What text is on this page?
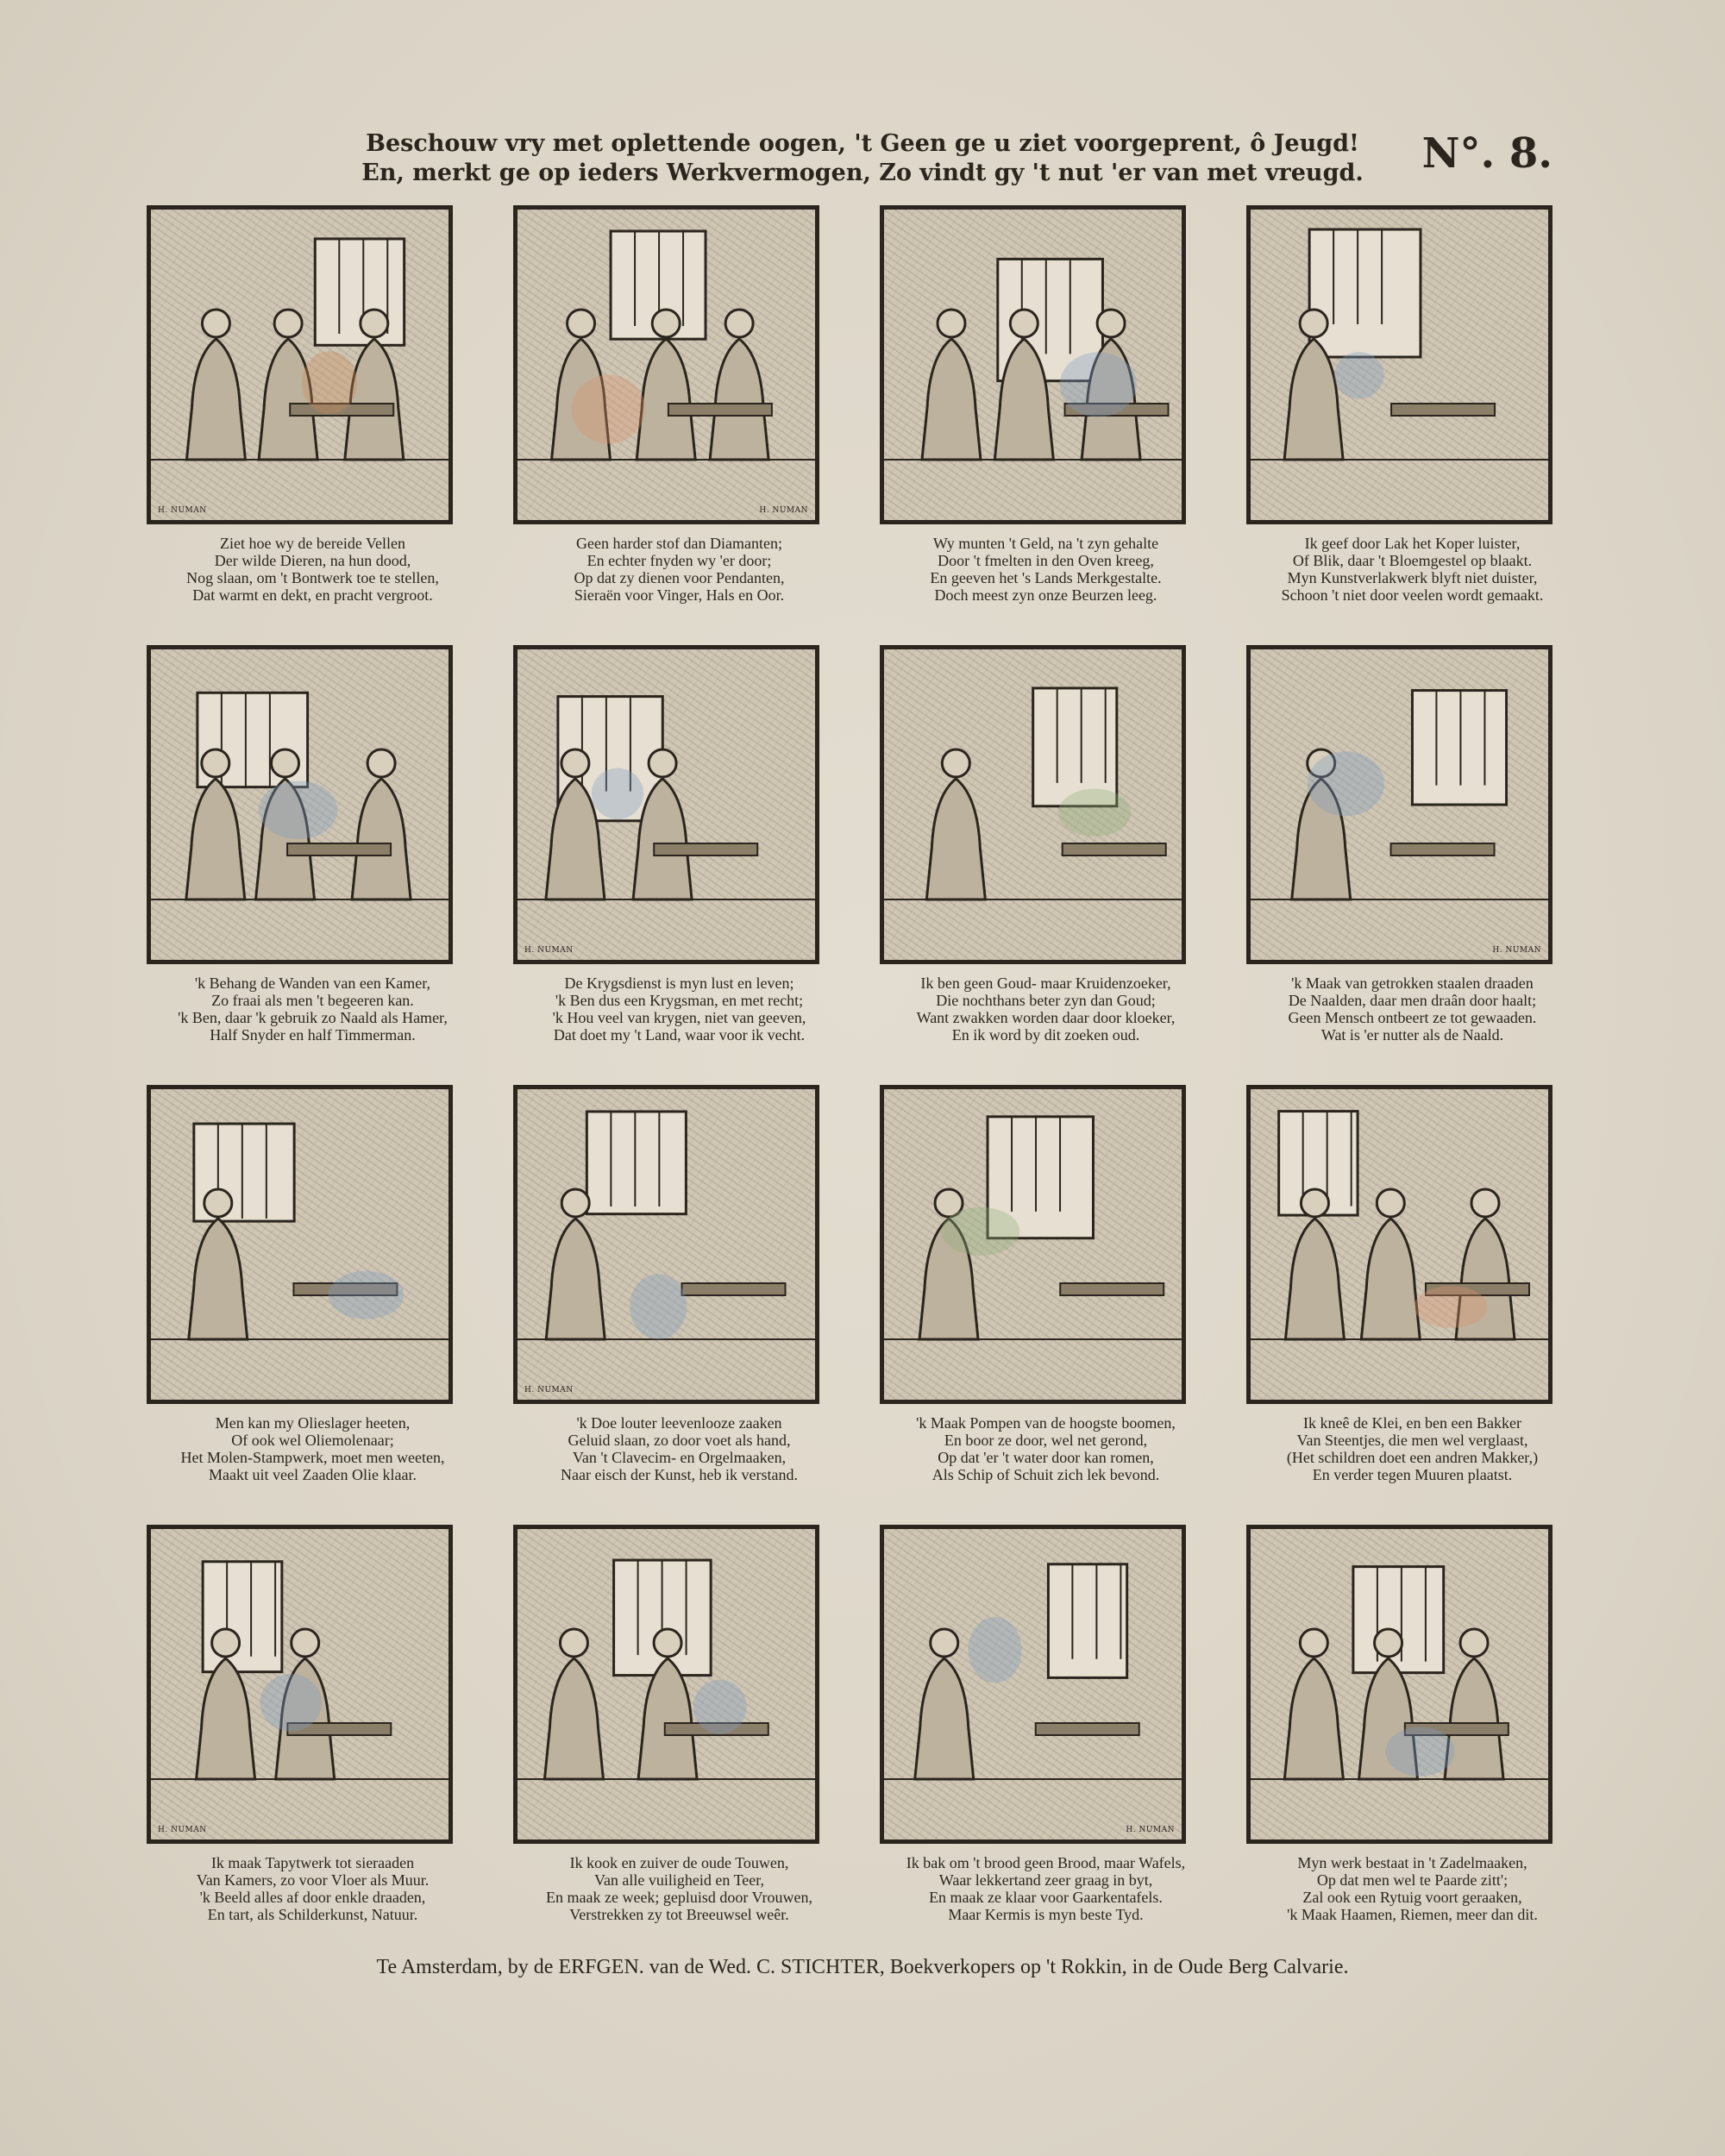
Beschouw vry met oplettende oogen, 't Geen ge u ziet voorgeprent, ô Jeugd!
En, merkt ge op ieders Werkvermogen, Zo vindt gy 't nut 'er van met vreugd.	N°. 8.
H. NUMAN
Ziet hoe wy de bereide Vellen
Der wilde Dieren, na hun dood,
Nog slaan, om 't Bontwerk toe te stellen,
Dat warmt en dekt, en pracht vergroot.
H. NUMAN
Geen harder stof dan Diamanten;
En echter fnyden wy 'er door;
Op dat zy dienen voor Pendanten,
Sieraën voor Vinger, Hals en Oor.
Wy munten 't Geld, na 't zyn gehalte
Door 't fmelten in den Oven kreeg,
En geeven het 's Lands Merkgestalte.
Doch meest zyn onze Beurzen leeg.
Ik geef door Lak het Koper luister,
Of Blik, daar 't Bloemgestel op blaakt.
Myn Kunstverlakwerk blyft niet duister,
Schoon 't niet door veelen wordt gemaakt.
'k Behang de Wanden van een Kamer,
Zo fraai als men 't begeeren kan.
'k Ben, daar 'k gebruik zo Naald als Hamer,
Half Snyder en half Timmerman.
H. NUMAN
De Krygsdienst is myn lust en leven;
'k Ben dus een Krygsman, en met recht;
'k Hou veel van krygen, niet van geeven,
Dat doet my 't Land, waar voor ik vecht.
Ik ben geen Goud- maar Kruidenzoeker,
Die nochthans beter zyn dan Goud;
Want zwakken worden daar door kloeker,
En ik word by dit zoeken oud.
H. NUMAN
'k Maak van getrokken staalen draaden
De Naalden, daar men draân door haalt;
Geen Mensch ontbeert ze tot gewaaden.
Wat is 'er nutter als de Naald.
Men kan my Olieslager heeten,
Of ook wel Oliemolenaar;
Het Molen-Stampwerk, moet men weeten,
Maakt uit veel Zaaden Olie klaar.
H. NUMAN
'k Doe louter leevenlooze zaaken
Geluid slaan, zo door voet als hand,
Van 't Clavecim- en Orgelmaaken,
Naar eisch der Kunst, heb ik verstand.
'k Maak Pompen van de hoogste boomen,
En boor ze door, wel net gerond,
Op dat 'er 't water door kan romen,
Als Schip of Schuit zich lek bevond.
Ik kneê de Klei, en ben een Bakker
Van Steentjes, die men wel verglaast,
(Het schildren doet een andren Makker,)
En verder tegen Muuren plaatst.
H. NUMAN
Ik maak Tapytwerk tot sieraaden
Van Kamers, zo voor Vloer als Muur.
'k Beeld alles af door enkle draaden,
En tart, als Schilderkunst, Natuur.
Ik kook en zuiver de oude Touwen,
Van alle vuiligheid en Teer,
En maak ze week; gepluisd door Vrouwen,
Verstrekken zy tot Breeuwsel weêr.
H. NUMAN
Ik bak om 't brood geen Brood, maar Wafels,
Waar lekkertand zeer graag in byt,
En maak ze klaar voor Gaarkentafels.
Maar Kermis is myn beste Tyd.
Myn werk bestaat in 't Zadelmaaken,
Op dat men wel te Paarde zitt';
Zal ook een Rytuig voort geraaken,
'k Maak Haamen, Riemen, meer dan dit.
Te Amsterdam, by de ERFGEN. van de Wed. C. STICHTER, Boekverkopers op 't Rokkin, in de Oude Berg Calvarie.
